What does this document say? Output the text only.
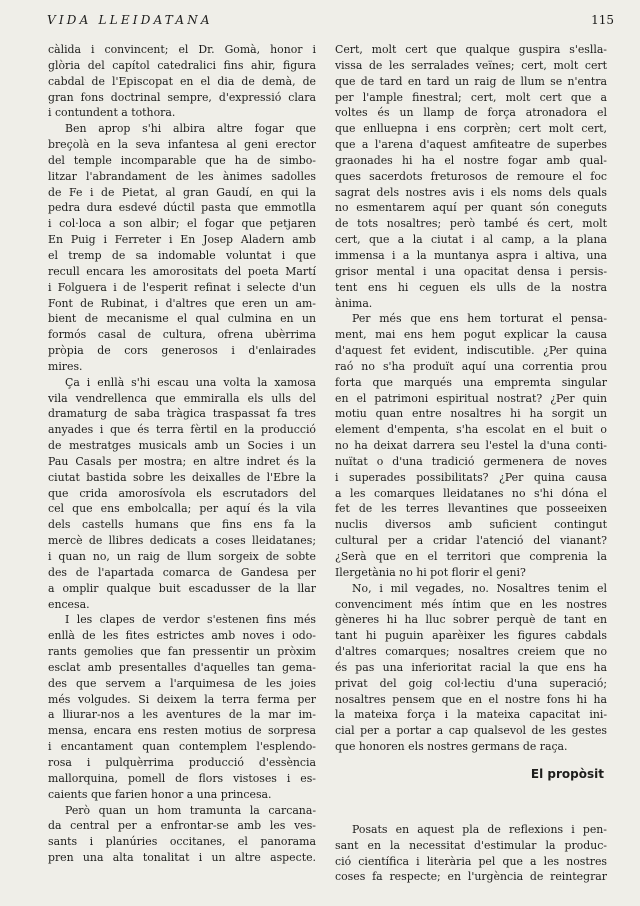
VIDA LLEIDATANA	115
càlida i convincent; el Dr. Gomà, honor i
glòria del capítol catedralici fins ahir, figura
cabdal de l'Episcopat en el dia de demà, de
gran fons doctrinal sempre, d'expressió clara
i contundent a tothora.
Ben aprop s'hi albira altre fogar que
breçolà en la seva infantesa al geni erector
del temple incomparable que ha de simbo-
litzar l'abrandament de les ànimes sadolles
de Fe i de Pietat, al gran Gaudí, en qui la
pedra dura esdevé dúctil pasta que emmotlla
i col·loca a son albir; el fogar que petjaren
En Puig i Ferreter i En Josep Aladern amb
el tremp de sa indomable voluntat i que
recull encara les amorositats del poeta Martí
i Folguera i de l'esperit refinat i selecte d'un
Font de Rubinat, i d'altres que eren un am-
bient de mecanisme el qual culmina en un
formós casal de cultura, ofrena ubèrrima
pròpia de cors generosos i d'enlairades
mires.
Ça i enllà s'hi escau una volta la xamosa
vila vendrellenca que emmiralla els ulls del
dramaturg de saba tràgica traspassat fa tres
anyades i que és terra fèrtil en la producció
de mestratges musicals amb un Socies i un
Pau Casals per mostra; en altre indret és la
ciutat bastida sobre les deixalles de l'Ebre la
que crida amorosívola els escrutadors del
cel que ens embolcalla; per aquí és la vila
dels castells humans que fins ens fa la
mercè de llibres dedicats a coses lleidatanes;
i quan no, un raig de llum sorgeix de sobte
des de l'apartada comarca de Gandesa per
a omplir qualque buit escadusser de la llar
encesa.
I les clapes de verdor s'estenen fins més
enllà de les fites estrictes amb noves i odo-
rants gemolies que fan pressentir un pròxim
esclat amb presentalles d'aquelles tan gema-
des que servem a l'arquimesa de les joies
més volgudes. Si deixem la terra ferma per
a lliurar-nos a les aventures de la mar im-
mensa, encara ens resten motius de sorpresa
i encantament quan contemplem l'esplendo-
rosa i pulquèrrima producció d'essència
mallorquina, pomell de flors vistoses i es-
caients que farien honor a una princesa.
Però quan un hom tramunta la carcana-
da central per a enfrontar-se amb les ves-
sants i planúries occitanes, el panorama
pren una alta tonalitat i un altre aspecte.
Cert, molt cert que qualque guspira s'eslla-
vissa de les serralades veïnes; cert, molt cert
que de tard en tard un raig de llum se n'entra
per l'ample finestral; cert, molt cert que a
voltes és un llamp de força atronadora el
que enllueрna i ens corprèn; cert molt cert,
que a l'arena d'aquest amfiteatre de superbes
graonades hi ha el nostre fogar amb qual-
ques sacerdots freturosos de remoure el foc
sagrat dels nostres avis i els noms dels quals
no esmentarem aquí per quant són coneguts
de tots nosaltres; però també és cert, molt
cert, que a la ciutat i al camp, a la plana
immensa i a la muntanya aspra i altiva, una
grisor mental i una opacitat densa i persis-
tent ens hi ceguen els ulls de la nostra
ànima.
Per més que ens hem torturat el pensa-
ment, mai ens hem pogut explicar la causa
d'aquest fet evident, indiscutible. ¿Per quina
raó no s'ha produït aquí una correntia prou
forta que marqués una empremta singular
en el patrimoni espiritual nostrat? ¿Per quin
motiu quan entre nosaltres hi ha sorgit un
element d'empenta, s'ha escolat en el buit o
no ha deixat darrera seu l'estel la d'una conti-
nuïtat o d'una tradició germenera de noves
i superades possibilitats? ¿Per quina causa
a les comarques lleidatanes no s'hi dóna el
fet de les terres llevantines que posseeixen
nuclis diversos amb suficient contingut
cultural per a cridar l'atenció del vianant?
¿Serà que en el territori que comprenia la
Ilergetània no hi pot florir el geni?
No, i mil vegades, no. Nosaltres tenim el
convenciment més íntim que en les nostres
gèneres hi ha lluc sobrer perquè de tant en
tant hi puguin aparèixer les figures cabdals
d'altres comarques; nosaltres creiem que no
és pas una inferioritat racial la que ens ha
privat del goig col·lectiu d'una superació;
nosaltres pensem que en el nostre fons hi ha
la mateixa força i la mateixa capacitat ini-
cial per a portar a cap qualsevol de les gestes
que honoren els nostres germans de raça.
El propòsit
Posats en aquest pla de reflexions i pen-
sant en la necessitat d'estimular la produc-
ció científica i literària pel que a les nostres
coses fa respecte; en l'urgència de reintegrar
